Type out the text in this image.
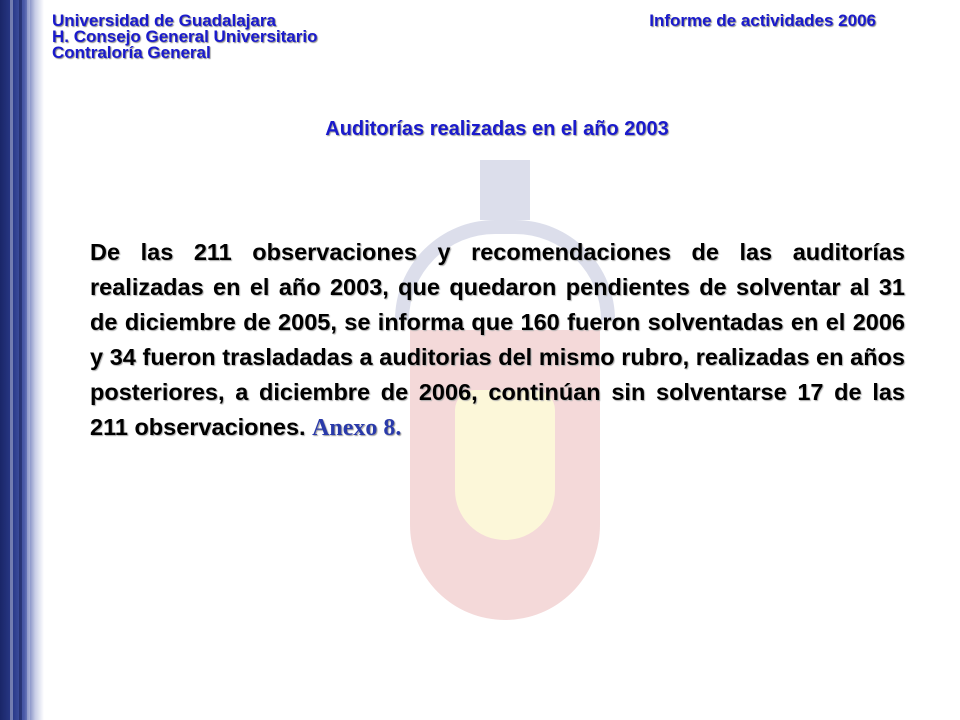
Universidad de Guadalajara
H. Consejo General Universitario
Contraloría General
Informe de actividades 2006
Auditorías realizadas en el año 2003
De las 211 observaciones y recomendaciones de las auditorías realizadas en el año 2003, que quedaron pendientes de solventar al 31 de diciembre de 2005, se informa que 160 fueron solventadas en el 2006 y 34 fueron trasladadas a auditorias del mismo rubro, realizadas en años posteriores, a diciembre de 2006, continúan sin solventarse 17 de las 211 observaciones. Anexo 8.
